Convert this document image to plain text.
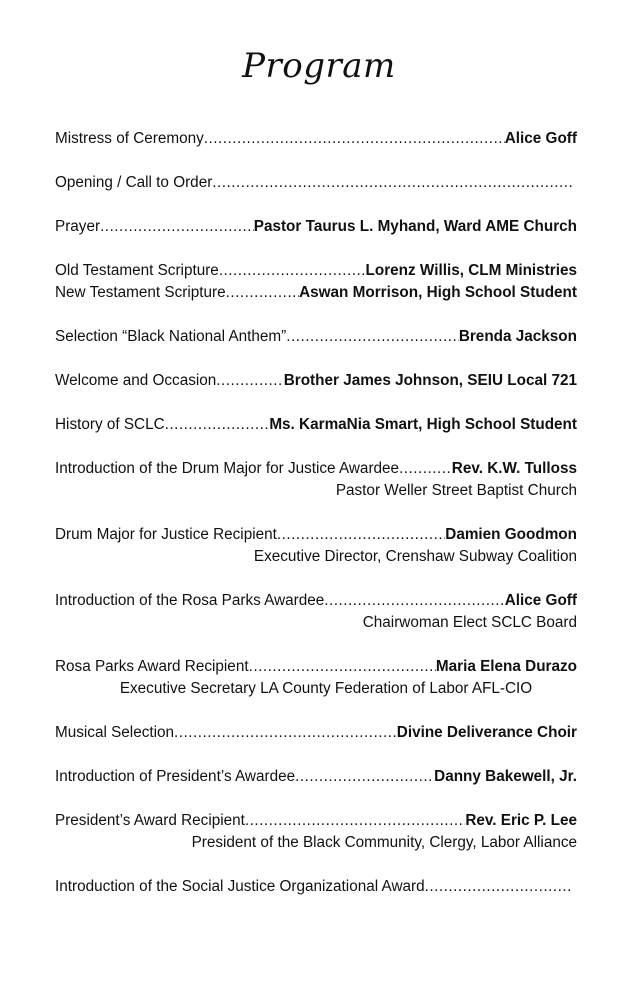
Program
Mistress of Ceremony .....	Alice Goff
Opening / Call to Order
.....
Prayer .....	Pastor Taurus L. Myhand, Ward AME Church
Old Testament Scripture .....	Lorenz Willis, CLM Ministries
New Testament Scripture .....	Aswan Morrison, High School Student
Selection “Black National Anthem” .....	Brenda Jackson
Welcome and Occasion .....	Brother James Johnson, SEIU Local 721
History of SCLC .....	Ms. KarmaNia Smart, High School Student
Introduction of the Drum Major for Justice Awardee .....	Rev. K.W. Tulloss
Pastor Weller Street Baptist Church
Drum Major for Justice Recipient .....	Damien Goodmon
Executive Director, Crenshaw Subway Coalition
Introduction of the Rosa Parks Awardee .....	Alice Goff
Chairwoman Elect SCLC Board
Rosa Parks Award Recipient .....	Maria Elena Durazo
Executive Secretary LA County Federation of Labor AFL-CIO
Musical Selection .....	Divine Deliverance Choir
Introduction of President’s Awardee .....	Danny Bakewell, Jr.
President’s Award Recipient .....	Rev. Eric P. Lee
President of the Black Community, Clergy, Labor Alliance
Introduction of the Social Justice Organizational Award
.....
